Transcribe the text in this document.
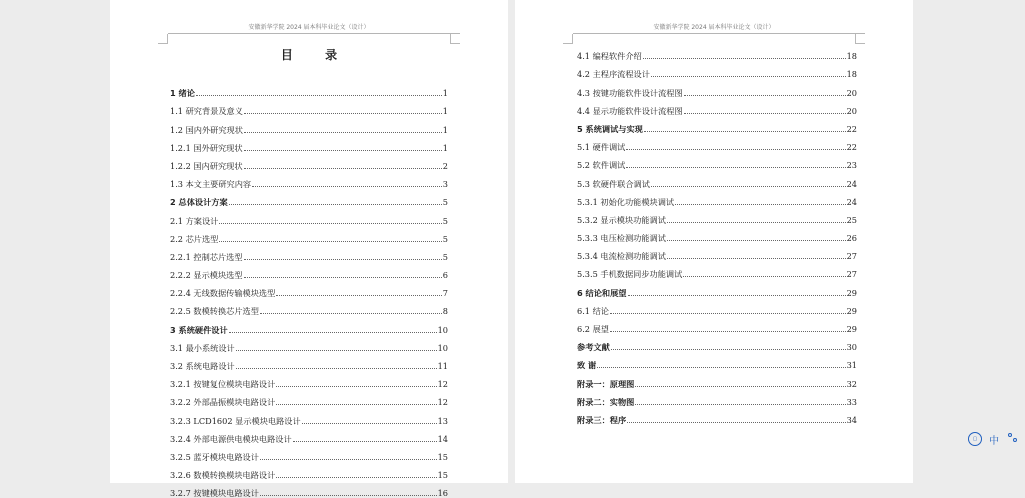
安徽新华学院 2024 届本科毕业论文（设计）
目 录
1 绪论	1
1.1 研究背景及意义	1
1.2 国内外研究现状	1
1.2.1 国外研究现状	1
1.2.2 国内研究现状	2
1.3 本文主要研究内容	3
2 总体设计方案	5
2.1 方案设计	5
2.2 芯片选型	5
2.2.1 控制芯片选型	5
2.2.2 显示模块选型	6
2.2.4 无线数据传输模块选型	7
2.2.5 数模转换芯片选型	8
3 系统硬件设计	10
3.1 最小系统设计	10
3.2 系统电路设计	11
3.2.1 按键复位模块电路设计	12
3.2.2 外部晶振模块电路设计	12
3.2.3 LCD1602 显示模块电路设计	13
3.2.4 外部电源供电模块电路设计	14
3.2.5 蓝牙模块电路设计	15
3.2.6 数模转换模块电路设计	15
3.2.7 按键模块电路设计	16
安徽新华学院 2024 届本科毕业论文（设计）
4.1 编程软件介绍	18
4.2 主程序流程设计	18
4.3 按键功能软件设计流程图	20
4.4 显示功能软件设计流程图	20
5 系统调试与实现	22
5.1 硬件调试	22
5.2 软件调试	23
5.3 软硬件联合调试	24
5.3.1 初始化功能模块调试	24
5.3.2 显示模块功能调试	25
5.3.3 电压检测功能调试	26
5.3.4 电流检测功能调试	27
5.3.5 手机数据同步功能调试	27
6 结论和展望	29
6.1 结论	29
6.2 展望	29
参考文献	30
致 谢	31
附录一：原理图	32
附录二：实物图	33
附录三：程序	34
▢	中
